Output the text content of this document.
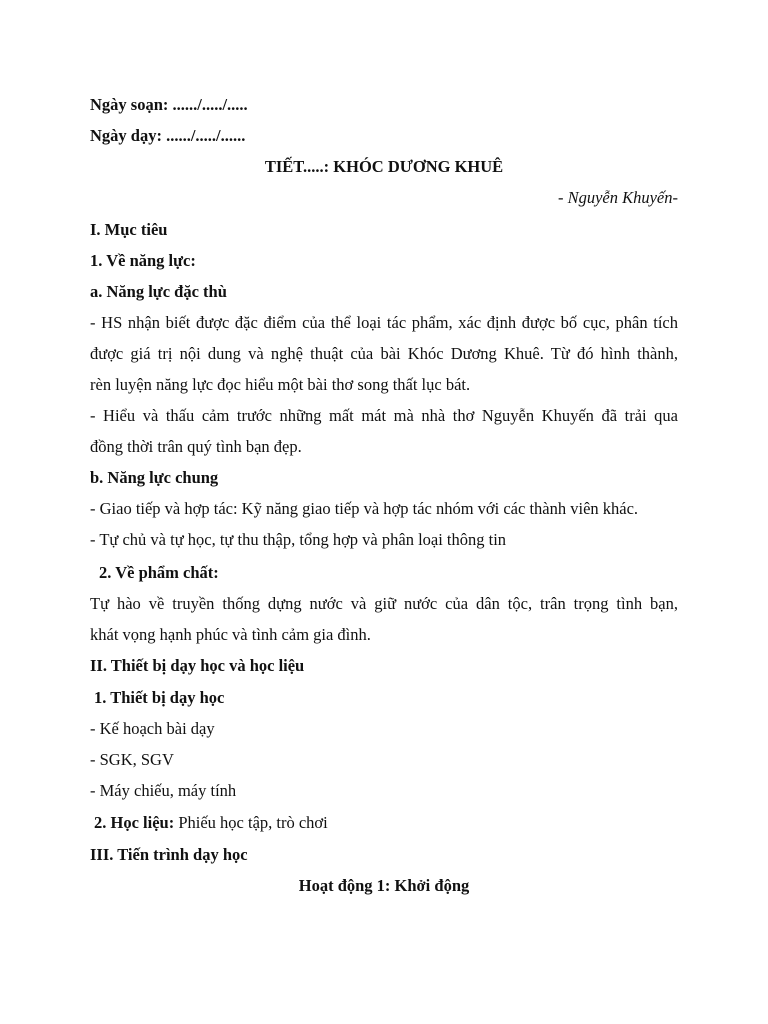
Ngày soạn: ....../...../.....
Ngày dạy: ....../...../......
TIẾT.....: KHÓC DƯƠNG KHUÊ
- Nguyễn Khuyến-
I. Mục tiêu
1. Về năng lực:
a. Năng lực đặc thù
- HS nhận biết được đặc điểm của thể loại tác phẩm, xác định được bố cục, phân tích
được giá trị nội dung và nghệ thuật của bài Khóc Dương Khuê. Từ đó hình thành,
rèn luyện năng lực đọc hiểu một bài thơ song thất lục bát.
- Hiểu và thấu cảm trước những mất mát mà nhà thơ Nguyễn Khuyến đã trải qua
đồng thời trân quý tình bạn đẹp.
b. Năng lực chung
- Giao tiếp và hợp tác: Kỹ năng giao tiếp và hợp tác nhóm với các thành viên khác.
- Tự chủ và tự học, tự thu thập, tổng hợp và phân loại thông tin
2. Về phẩm chất:
Tự hào về truyền thống dựng nước và giữ nước của dân tộc, trân trọng tình bạn,
khát vọng hạnh phúc và tình cảm gia đình.
II. Thiết bị dạy học và học liệu
1. Thiết bị dạy học
- Kế hoạch bài dạy
- SGK, SGV
- Máy chiếu, máy tính
2. Học liệu: Phiếu học tập, trò chơi
III. Tiến trình dạy học
Hoạt động 1: Khởi động
